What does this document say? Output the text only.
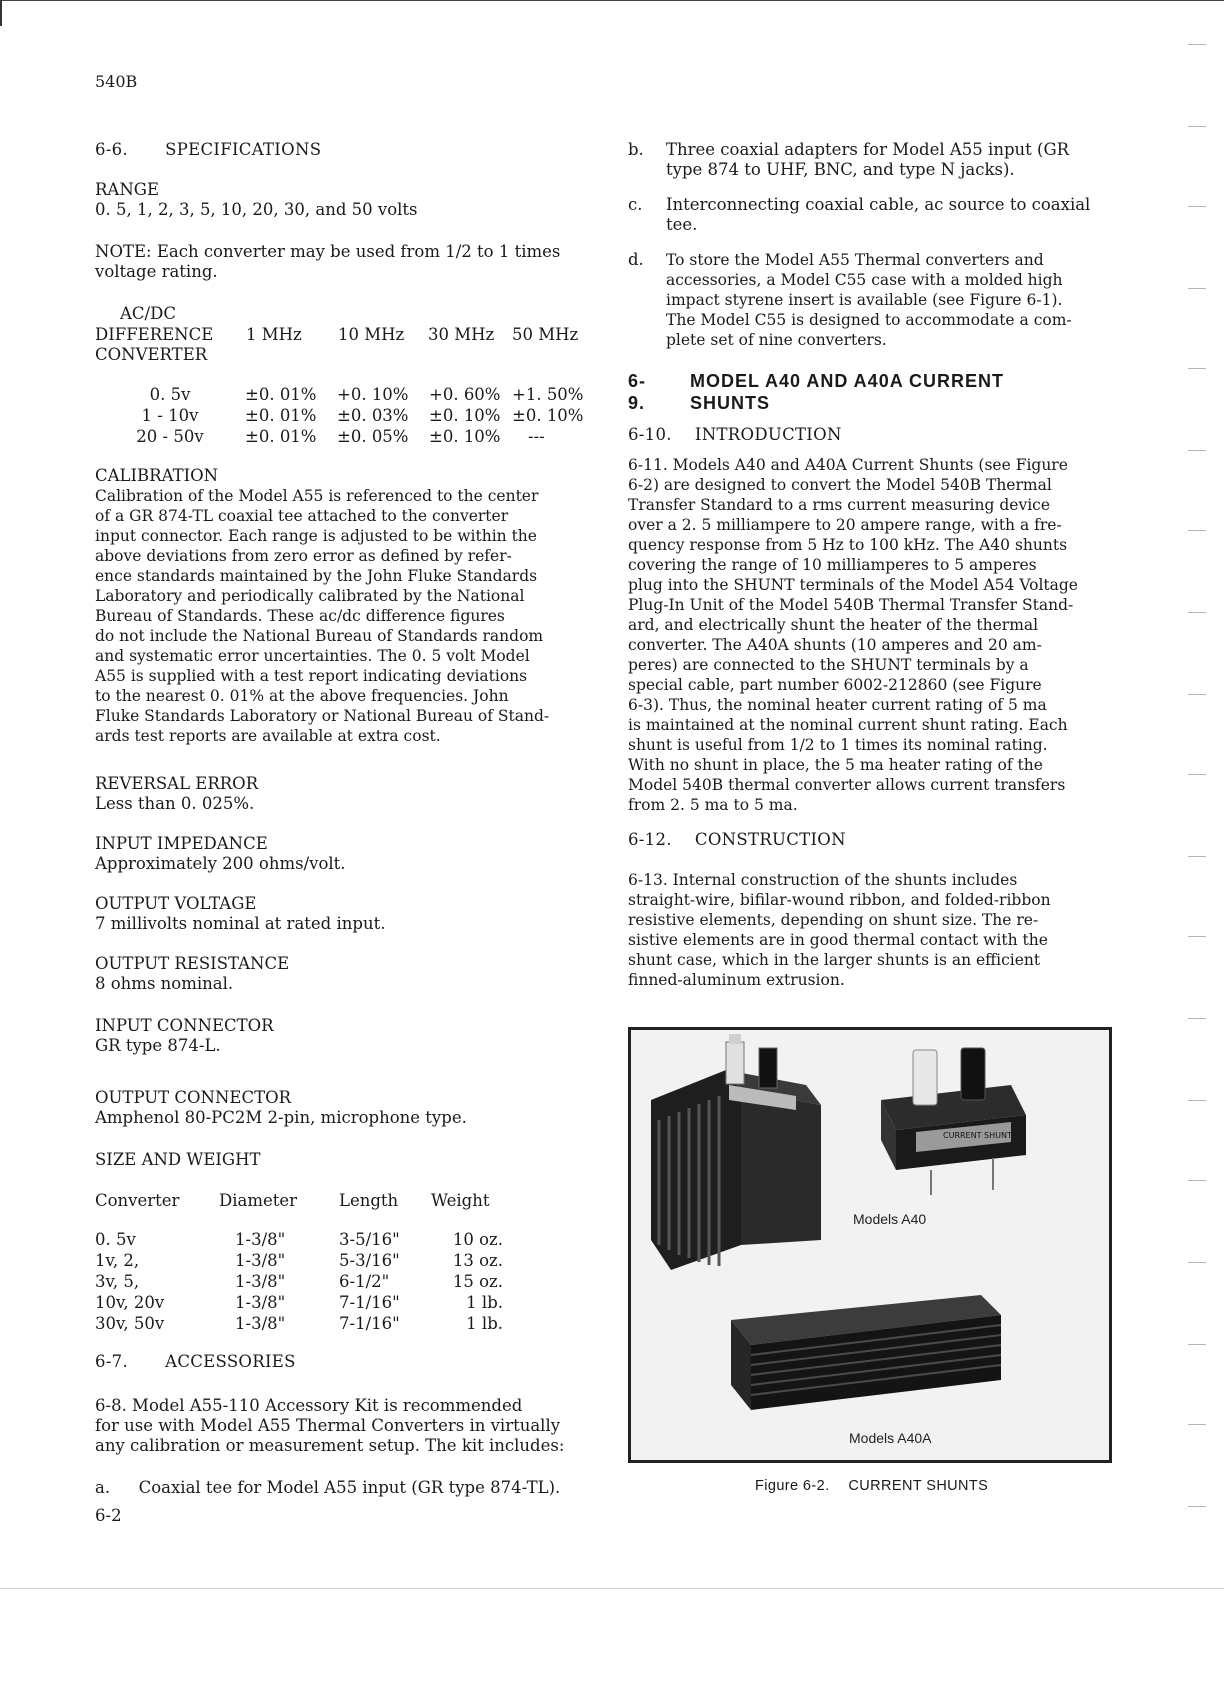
540B
6-6. SPECIFICATIONS
RANGE
0. 5, 1, 2, 3, 5, 10, 20, 30, and 50 volts
NOTE: Each converter may be used from 1/2 to 1 times
voltage rating.
AC/DC
DIFFERENCE
CONVERTER
1 MHz 10 MHz 30 MHz 50 MHz
0. 5v	±0. 01%	+0. 10%	+0. 60%	+1. 50%
1 - 10v	±0. 01%	±0. 03%	±0. 10%	±0. 10%
20 - 50v	±0. 01%	±0. 05%	±0. 10%	---
CALIBRATION
Calibration of the Model A55 is referenced to the center
of a GR 874-TL coaxial tee attached to the converter
input connector. Each range is adjusted to be within the
above deviations from zero error as defined by refer-
ence standards maintained by the John Fluke Standards
Laboratory and periodically calibrated by the National
Bureau of Standards. These ac/dc difference figures
do not include the National Bureau of Standards random
and systematic error uncertainties. The 0. 5 volt Model
A55 is supplied with a test report indicating deviations
to the nearest 0. 01% at the above frequencies. John
Fluke Standards Laboratory or National Bureau of Stand-
ards test reports are available at extra cost.
REVERSAL ERROR
Less than 0. 025%.
INPUT IMPEDANCE
Approximately 200 ohms/volt.
OUTPUT VOLTAGE
7 millivolts nominal at rated input.
OUTPUT RESISTANCE
8 ohms nominal.
INPUT CONNECTOR
GR type 874-L.
OUTPUT CONNECTOR
Amphenol 80-PC2M 2-pin, microphone type.
SIZE AND WEIGHT
Converter	Diameter	Length	Weight
0. 5v	1-3/8"	3-5/16"	10 oz.
1v, 2,	1-3/8"	5-3/16"	13 oz.
3v, 5,	1-3/8"	6-1/2"	15 oz.
10v, 20v	1-3/8"	7-1/16"	1 lb.
30v, 50v	1-3/8"	7-1/16"	1 lb.
6-7. ACCESSORIES
6-8. Model A55-110 Accessory Kit is recommended
for use with Model A55 Thermal Converters in virtually
any calibration or measurement setup. The kit includes:
a. Coaxial tee for Model A55 input (GR type 874-TL).
6-2
b. Three coaxial adapters for Model A55 input (GR
type 874 to UHF, BNC, and type N jacks).
c. Interconnecting coaxial cable, ac source to coaxial
tee.
d. To store the Model A55 Thermal converters and
accessories, a Model C55 case with a molded high
impact styrene insert is available (see Figure 6-1).
The Model C55 is designed to accommodate a com-
plete set of nine converters.
6-9.
MODEL A40 AND A40A CURRENT
SHUNTS
6-10. INTRODUCTION
6-11. Models A40 and A40A Current Shunts (see Figure
6-2) are designed to convert the Model 540B Thermal
Transfer Standard to a rms current measuring device
over a 2. 5 milliampere to 20 ampere range, with a fre-
quency response from 5 Hz to 100 kHz. The A40 shunts
covering the range of 10 milliamperes to 5 amperes
plug into the SHUNT terminals of the Model A54 Voltage
Plug-In Unit of the Model 540B Thermal Transfer Stand-
ard, and electrically shunt the heater of the thermal
converter. The A40A shunts (10 amperes and 20 am-
peres) are connected to the SHUNT terminals by a
special cable, part number 6002-212860 (see Figure
6-3). Thus, the nominal heater current rating of 5 ma
is maintained at the nominal current shunt rating. Each
shunt is useful from 1/2 to 1 times its nominal rating.
With no shunt in place, the 5 ma heater rating of the
Model 540B thermal converter allows current transfers
from 2. 5 ma to 5 ma.
6-12. CONSTRUCTION
6-13. Internal construction of the shunts includes
straight-wire, bifilar-wound ribbon, and folded-ribbon
resistive elements, depending on shunt size. The re-
sistive elements are in good thermal contact with the
shunt case, which in the larger shunts is an efficient
finned-aluminum extrusion.
CURRENT SHUNT
Models A40
Models A40A
Figure 6-2. CURRENT SHUNTS
